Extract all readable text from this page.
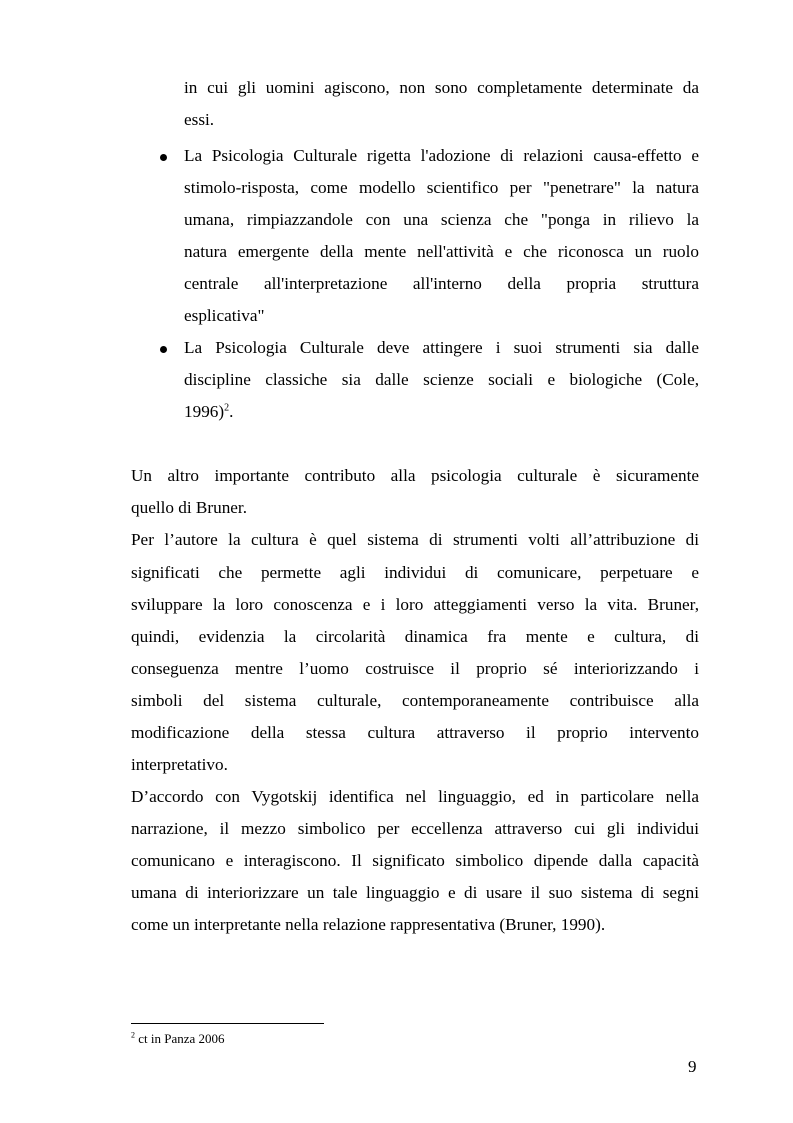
in cui gli uomini agiscono, non sono completamente determinate da
essi.
La Psicologia Culturale rigetta l'adozione di relazioni causa-effetto e
stimolo-risposta, come modello scientifico per "penetrare" la natura
umana, rimpiazzandole con una scienza che "ponga in rilievo la
natura emergente della mente nell'attività e che riconosca un ruolo
centrale all'interpretazione all'interno della propria struttura
esplicativa"
La Psicologia Culturale deve attingere i suoi strumenti sia dalle
discipline classiche sia dalle scienze sociali e biologiche (Cole,
1996)$^2$.
Un altro importante contributo alla psicologia culturale è sicuramente
quello di Bruner.
Per l’autore la cultura è quel sistema di strumenti volti all’attribuzione di
significati che permette agli individui di comunicare, perpetuare e
sviluppare la loro conoscenza e i loro atteggiamenti verso la vita. Bruner,
quindi, evidenzia la circolarità dinamica fra mente e cultura, di
conseguenza mentre l’uomo costruisce il proprio sé interiorizzando i
simboli del sistema culturale, contemporaneamente contribuisce alla
modificazione della stessa cultura attraverso il proprio intervento
interpretativo.
D’accordo con Vygotskij identifica nel linguaggio, ed in particolare nella
narrazione, il mezzo simbolico per eccellenza attraverso cui gli individui
comunicano e interagiscono. Il significato simbolico dipende dalla capacità
umana di interiorizzare un tale linguaggio e di usare il suo sistema di segni
come un interpretante nella relazione rappresentativa (Bruner, 1990).
$^2$ ct in Panza 2006
9
